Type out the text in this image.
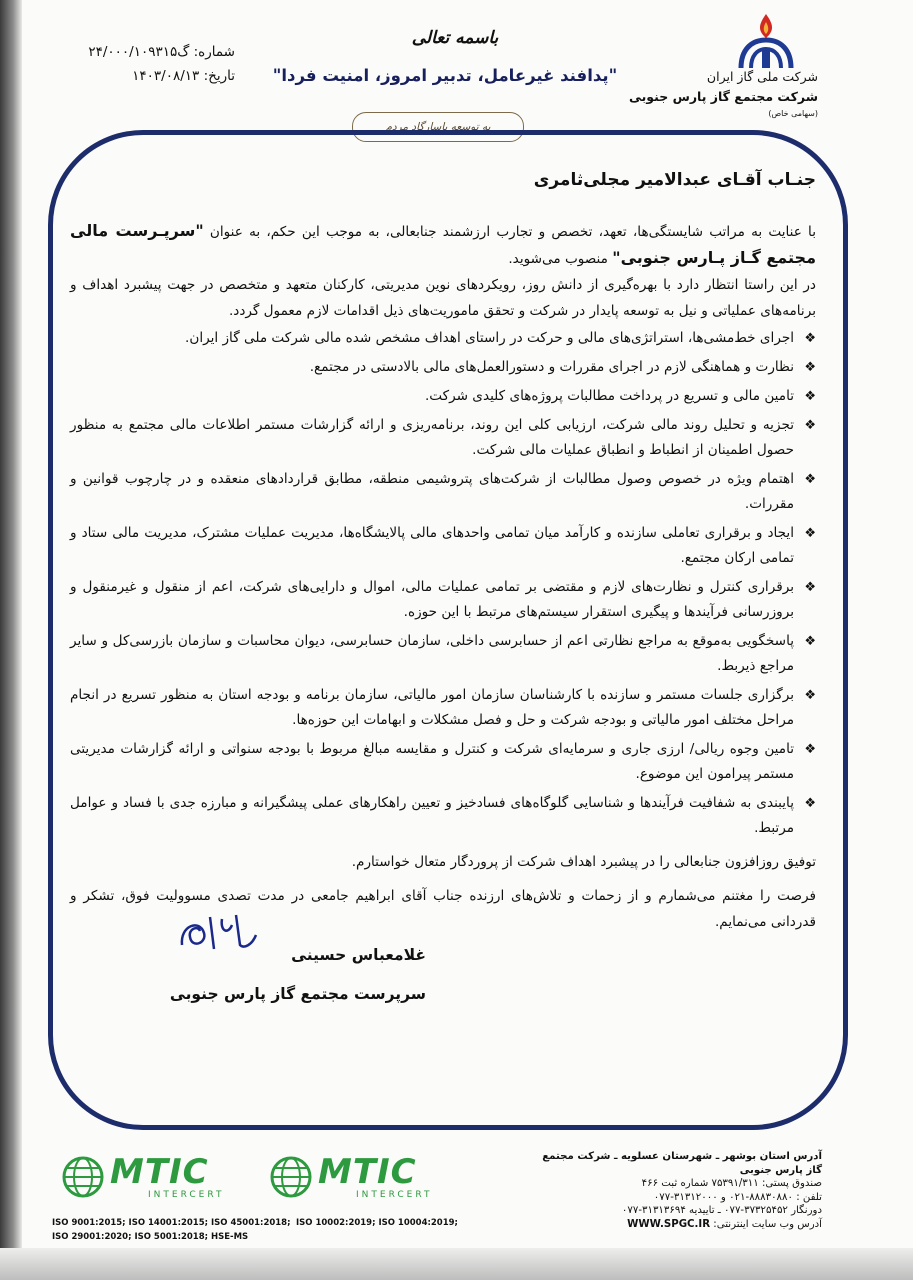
شماره: گ۲۴/۰۰۰/۱۰۹۳۱۵
تاریخ: ۱۴۰۳/۰۸/۱۳
باسمه تعالی
"پدافند غیرعامل، تدبیر امروز، امنیت فردا"
به توسعه پاسارگاد مردم
شرکت ملی گاز ایران
شرکت مجتمع گاز پارس جنوبی (سهامی خاص)

جنـاب آقـای عبدالامیر مجلی‌ثامری

با عنایت به مراتب شایستگی‌ها، تعهد، تخصص و تجارب ارزشمند جنابعالی، به موجب این حکم، به عنوان "سرپـرست مالی مجتمع گـاز پـارس جنوبی" منصوب می‌شوید.

در این راستا انتظار دارد با بهره‌گیری از دانش روز، رویکردهای نوین مدیریتی، کارکنان متعهد و متخصص در جهت پیشبرد اهداف و برنامه‌های عملیاتی و نیل به توسعه پایدار در شرکت و تحقق ماموریت‌های ذیل اقدامات لازم معمول گردد.

❖
اجرای خط‌مشی‌ها، استراتژی‌های مالی و حرکت در راستای اهداف مشخص شده مالی شرکت ملی گاز ایران.
❖
نظارت و هماهنگی لازم در اجرای مقررات و دستورالعمل‌های مالی بالادستی در مجتمع.
❖
تامین مالی و تسریع در پرداخت مطالبات پروژه‌های کلیدی شرکت.
❖
تجزیه و تحلیل روند مالی شرکت، ارزیابی کلی این روند، برنامه‌ریزی و ارائه گزارشات مستمر اطلاعات مالی مجتمع به منظور حصول اطمینان از انطباط و انطباق عملیات مالی شرکت.
❖
اهتمام ویژه در خصوص وصول مطالبات از شرکت‌های پتروشیمی منطقه، مطابق قراردادهای منعقده و در چارچوب قوانین و مقررات.
❖
ایجاد و برقراری تعاملی سازنده و کارآمد میان تمامی واحدهای مالی پالایشگاه‌ها، مدیریت عملیات مشترک، مدیریت مالی ستاد و تمامی ارکان مجتمع.
❖
برقراری کنترل و نظارت‌های لازم و مقتضی بر تمامی عملیات مالی، اموال و دارایی‌های شرکت، اعم از منقول و غیرمنقول و بروزرسانی فرآیندها و پیگیری استقرار سیستم‌های مرتبط با این حوزه.
❖
پاسخگویی به‌موقع به مراجع نظارتی اعم از حسابرسی داخلی، سازمان حسابرسی، دیوان محاسبات و سازمان بازرسی‌کل و سایر مراجع ذیربط.
❖
برگزاری جلسات مستمر و سازنده با کارشناسان سازمان امور مالیاتی، سازمان برنامه و بودجه استان به منظور تسریع در انجام مراحل مختلف امور مالیاتی و بودجه شرکت و حل و فصل مشکلات و ابهامات این حوزه‌ها.
❖
تامین وجوه ریالی/ ارزی جاری و سرمایه‌ای شرکت و کنترل و مقایسه مبالغ مربوط با بودجه سنواتی و ارائه گزارشات مدیریتی مستمر پیرامون این موضوع.
❖
پایبندی به شفافیت فرآیندها و شناسایی گلوگاه‌های فسادخیز و تعیین راهکارهای عملی پیشگیرانه و مبارزه جدی با فساد و عوامل مرتبط.

توفیق روزافزون جنابعالی را در پیشبرد اهداف شرکت از پروردگار متعال خواستارم.

فرصت را مغتنم می‌شمارم و از زحمات و تلاش‌های ارزنده جناب آقای ابراهیم جامعی در مدت تصدی مسوولیت فوق، تشکر و قدردانی می‌نمایم.

غلامعباس حسینی
سرپرست مجتمع گاز پارس جنوبی
MTIC
INTERCERT
MTIC
INTERCERT
ISO 9001:2015; ISO 14001:2015; ISO 45001:2018;
ISO 29001:2020; ISO 5001:2018; HSE-MS
ISO 10002:2019; ISO 10004:2019;
آدرس استان بوشهر ـ شهرستان عسلویه ـ شرکت مجتمع گاز پارس جنوبی
صندوق پستی: ۷۵۳۹۱/۳۱۱ شماره ثبت ۴۶۶
تلفن : ۸۸۸۳۰۸۸۰-۰۲۱ و ۳۱۳۱۲۰۰۰-۰۷۷
دورنگار ۳۷۳۲۵۴۵۲-۰۷۷ ـ تاییدیه ۳۱۳۱۳۶۹۴-۰۷۷
آدرس وب سایت اینترنتی: WWW.SPGC.IR
